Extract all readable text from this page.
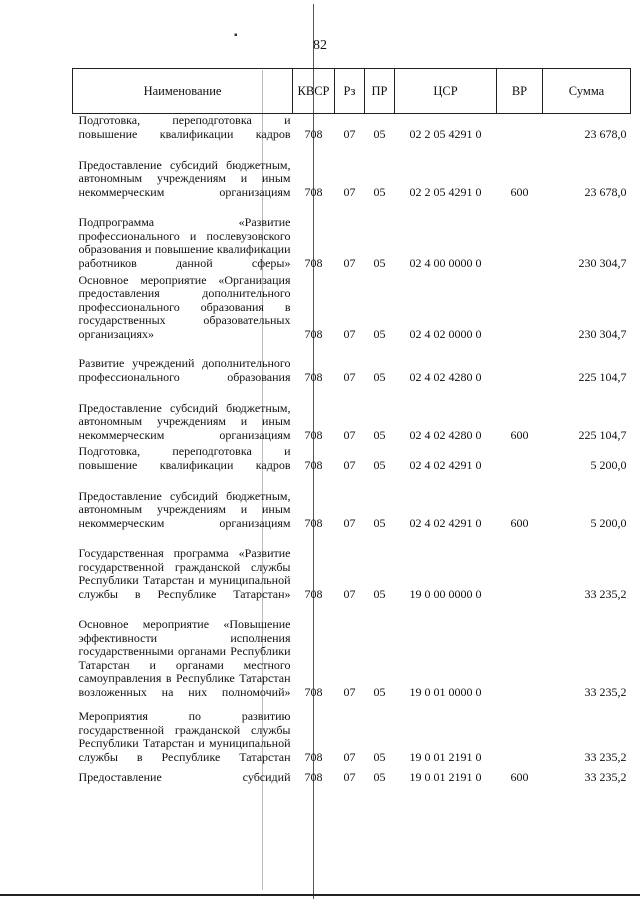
▪
82
Наименование	КВСР	Рз	ПР	ЦСР	ВР	Сумма
Подготовка, переподготовка и повышение квалификации кадров	708	07	05	02 2 05 4291 0		23 678,0
Предоставление субсидий бюджетным, автономным учреждениям и иным некоммерческим организациям	708	07	05	02 2 05 4291 0	600	23 678,0
Подпрограмма «Развитие профессионального и послевузовского образования и повышение квалификации работников данной сферы»	708	07	05	02 4 00 0000 0		230 304,7
Основное мероприятие «Организация предоставления дополнительного профессионального образования в государственных образовательных организациях»	708	07	05	02 4 02 0000 0		230 304,7
Развитие учреждений дополнительного профессионального образования	708	07	05	02 4 02 4280 0		225 104,7
Предоставление субсидий бюджетным, автономным учреждениям и иным некоммерческим организациям	708	07	05	02 4 02 4280 0	600	225 104,7
Подготовка, переподготовка и повышение квалификации кадров	708	07	05	02 4 02 4291 0		5 200,0
Предоставление субсидий бюджетным, автономным учреждениям и иным некоммерческим организациям	708	07	05	02 4 02 4291 0	600	5 200,0
Государственная программа «Развитие государственной гражданской службы Республики Татарстан и муниципальной службы в Республике Татарстан»	708	07	05	19 0 00 0000 0		33 235,2
Основное мероприятие «Повышение эффективности исполнения государственными органами Республики Татарстан и органами местного самоуправления в Республике Татарстан возложенных на них полномочий»	708	07	05	19 0 01 0000 0		33 235,2
Мероприятия по развитию государственной гражданской службы Республики Татарстан и муниципальной службы в Республике Татарстан	708	07	05	19 0 01 2191 0		33 235,2
Предоставление субсидий	708	07	05	19 0 01 2191 0	600	33 235,2
